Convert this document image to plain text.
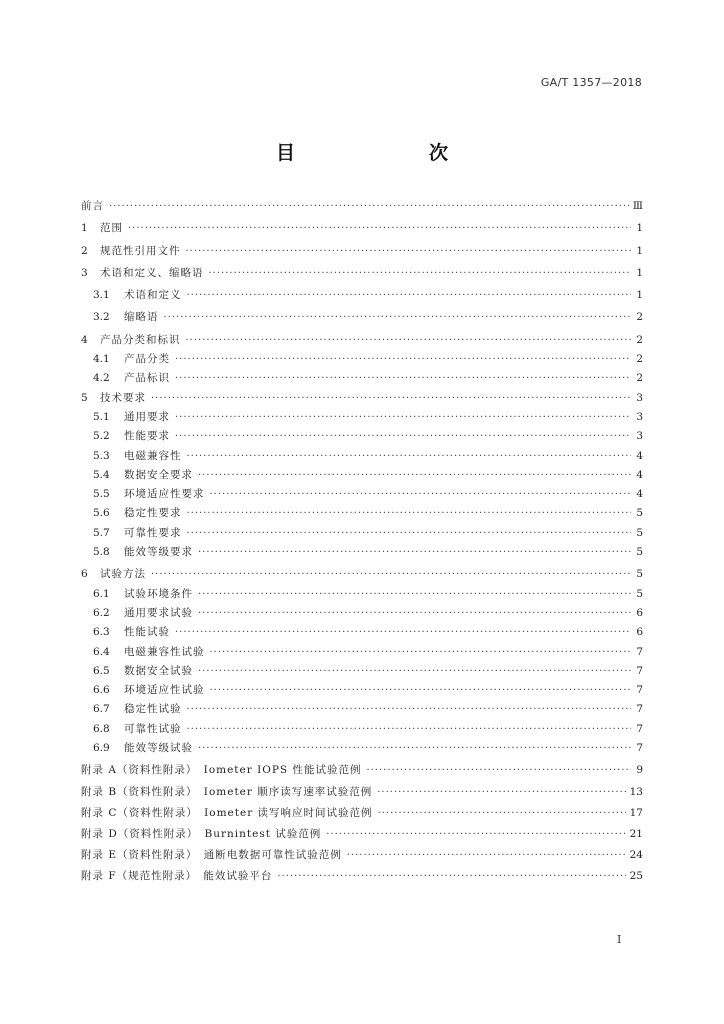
GA/T 1357—2018
目　　次
前言 ·····	Ⅲ
1	范围 ·····	1
2	规范性引用文件 ·····	1
3	术语和定义、缩略语 ·····	1
3.1	术语和定义 ·····	1
3.2	缩略语 ·····	2
4	产品分类和标识 ·····	2
4.1	产品分类 ·····	2
4.2	产品标识 ·····	2
5	技术要求 ·····	3
5.1	通用要求 ·····	3
5.2	性能要求 ·····	3
5.3	电磁兼容性 ·····	4
5.4	数据安全要求 ·····	4
5.5	环境适应性要求 ·····	4
5.6	稳定性要求 ·····	5
5.7	可靠性要求 ·····	5
5.8	能效等级要求 ·····	5
6	试验方法 ·····	5
6.1	试验环境条件 ·····	5
6.2	通用要求试验 ·····	6
6.3	性能试验 ·····	6
6.4	电磁兼容性试验 ·····	7
6.5	数据安全试验 ·····	7
6.6	环境适应性试验 ·····	7
6.7	稳定性试验 ·····	7
6.8	可靠性试验 ·····	7
6.9	能效等级试验 ·····	7
附录 A（资料性附录）　Iometer IOPS 性能试验范例 ·····	9
附录 B（资料性附录）　Iometer 顺序读写速率试验范例 ·····	13
附录 C（资料性附录）　Iometer 读写响应时间试验范例 ·····	17
附录 D（资料性附录）　Burnintest 试验范例 ·····	21
附录 E（资料性附录）　通断电数据可靠性试验范例 ·····	24
附录 F（规范性附录）　能效试验平台 ·····	25
I
